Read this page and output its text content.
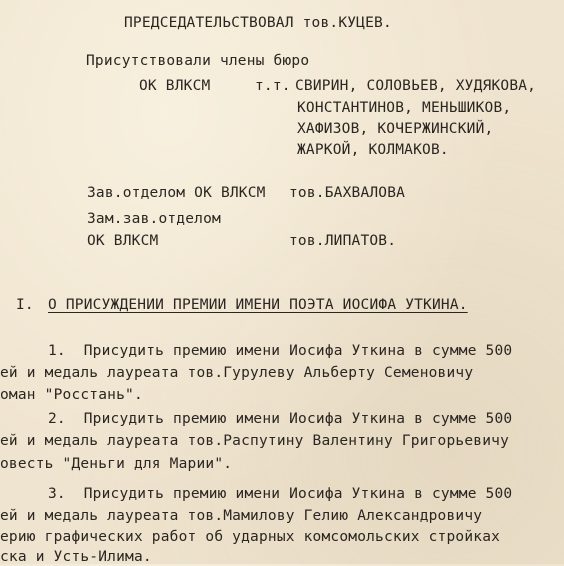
ПРЕДСЕДАТЕЛЬСТВОВАЛ тов.КУЦЕВ.
Присутствовали члены бюро
ОК ВЛКСМ	т.т. СВИРИН, СОЛОВЬЕВ, ХУДЯКОВА,
КОНСТАНТИНОВ, МЕНЬШИКОВ,
ХАФИЗОВ, КОЧЕРЖИНСКИЙ,
ЖАРКОЙ, КОЛМАКОВ.
Зав.отделом ОК ВЛКСМ тов.БАХВАЛОВА
Зам.зав.отделом
ОК ВЛКСМ	тов.ЛИПАТОВ.
I. О ПРИСУЖДЕНИИ ПРЕМИИ ИМЕНИ ПОЭТА ИОСИФА УТКИНА.
1.  Присудить премию имени Иосифа Уткина в сумме 500
ей и медаль лауреата тов.Гурулеву Альберту Семеновичу
оман "Росстань".
2.  Присудить премию имени Иосифа Уткина в сумме 500
ей и медаль лауреата тов.Распутину Валентину Григорьевичу
овесть "Деньги для Марии".
3.  Присудить премию имени Иосифа Уткина в сумме 500
ей и медаль лауреата тов.Мамилову Гелию Александровичу
ерию графических работ об ударных комсомольских стройках
ска и Усть-Илима.
